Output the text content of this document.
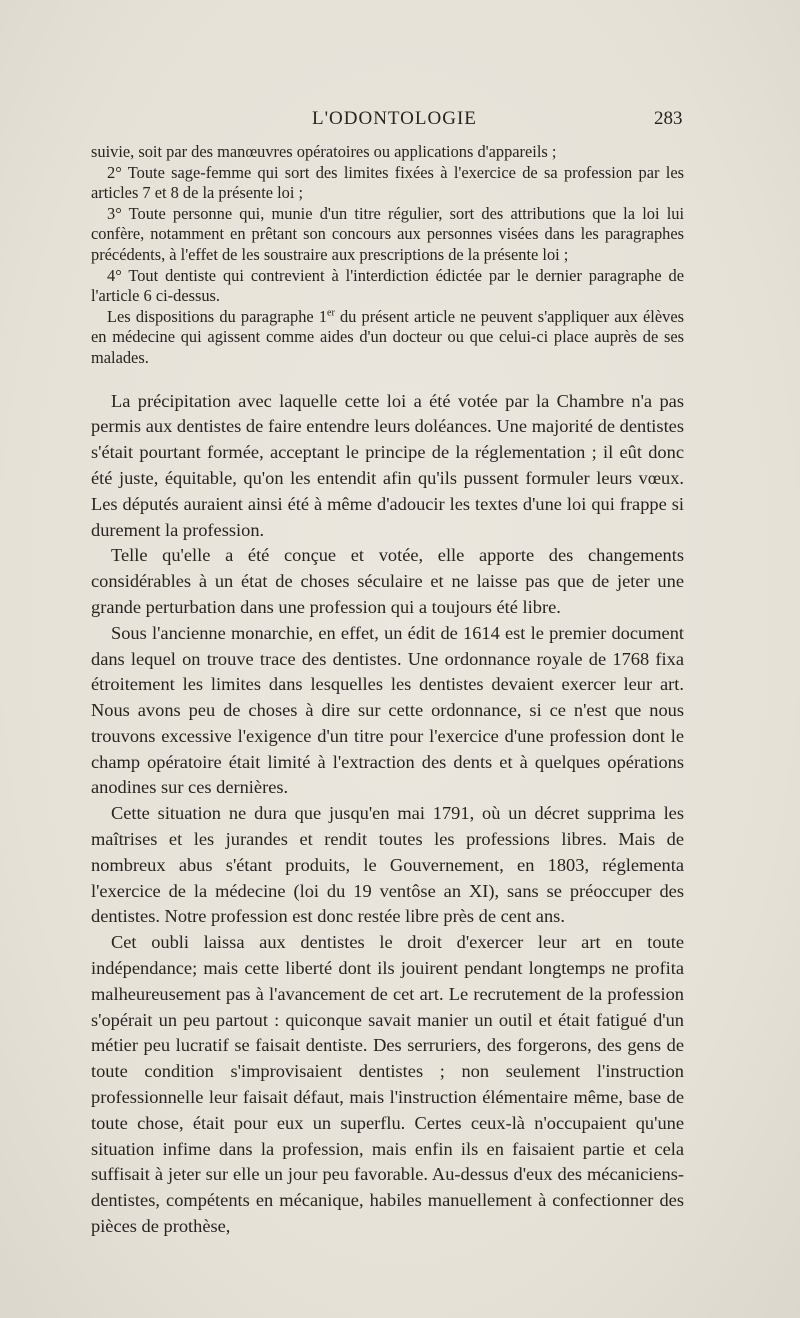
L'ODONTOLOGIE	283

suivie, soit par des manœuvres opératoires ou applications d'appareils ;

2° Toute sage-femme qui sort des limites fixées à l'exercice de sa profession par les articles 7 et 8 de la présente loi ;

3° Toute personne qui, munie d'un titre régulier, sort des attributions que la loi lui confère, notamment en prêtant son concours aux personnes visées dans les paragraphes précédents, à l'effet de les soustraire aux prescriptions de la présente loi ;

4° Tout dentiste qui contrevient à l'interdiction édictée par le dernier paragraphe de l'article 6 ci-dessus.

Les dispositions du paragraphe 1er du présent article ne peuvent s'appliquer aux élèves en médecine qui agissent comme aides d'un docteur ou que celui-ci place auprès de ses malades.

La précipitation avec laquelle cette loi a été votée par la Chambre n'a pas permis aux dentistes de faire entendre leurs doléances. Une majorité de dentistes s'était pourtant formée, acceptant le principe de la réglementation ; il eût donc été juste, équitable, qu'on les entendit afin qu'ils pussent formuler leurs vœux. Les députés auraient ainsi été à même d'adoucir les textes d'une loi qui frappe si durement la profession.

Telle qu'elle a été conçue et votée, elle apporte des changements considérables à un état de choses séculaire et ne laisse pas que de jeter une grande perturbation dans une profession qui a toujours été libre.

Sous l'ancienne monarchie, en effet, un édit de 1614 est le premier document dans lequel on trouve trace des dentistes. Une ordonnance royale de 1768 fixa étroitement les limites dans lesquelles les dentistes devaient exercer leur art. Nous avons peu de choses à dire sur cette ordonnance, si ce n'est que nous trouvons excessive l'exigence d'un titre pour l'exercice d'une profession dont le champ opératoire était limité à l'extraction des dents et à quelques opérations anodines sur ces dernières.

Cette situation ne dura que jusqu'en mai 1791, où un décret supprima les maîtrises et les jurandes et rendit toutes les professions libres. Mais de nombreux abus s'étant produits, le Gouvernement, en 1803, réglementa l'exercice de la médecine (loi du 19 ventôse an XI), sans se préoccuper des dentistes. Notre profession est donc restée libre près de cent ans.

Cet oubli laissa aux dentistes le droit d'exercer leur art en toute indépendance; mais cette liberté dont ils jouirent pendant longtemps ne profita malheureusement pas à l'avancement de cet art. Le recrutement de la profession s'opérait un peu partout : quiconque savait manier un outil et était fatigué d'un métier peu lucratif se faisait dentiste. Des serruriers, des forgerons, des gens de toute condition s'improvisaient dentistes ; non seulement l'instruction professionnelle leur faisait défaut, mais l'instruction élémentaire même, base de toute chose, était pour eux un superflu. Certes ceux-là n'occupaient qu'une situation infime dans la profession, mais enfin ils en faisaient partie et cela suffisait à jeter sur elle un jour peu favorable. Au-dessus d'eux des mécaniciens-dentistes, compétents en mécanique, habiles manuellement à confectionner des pièces de prothèse,
